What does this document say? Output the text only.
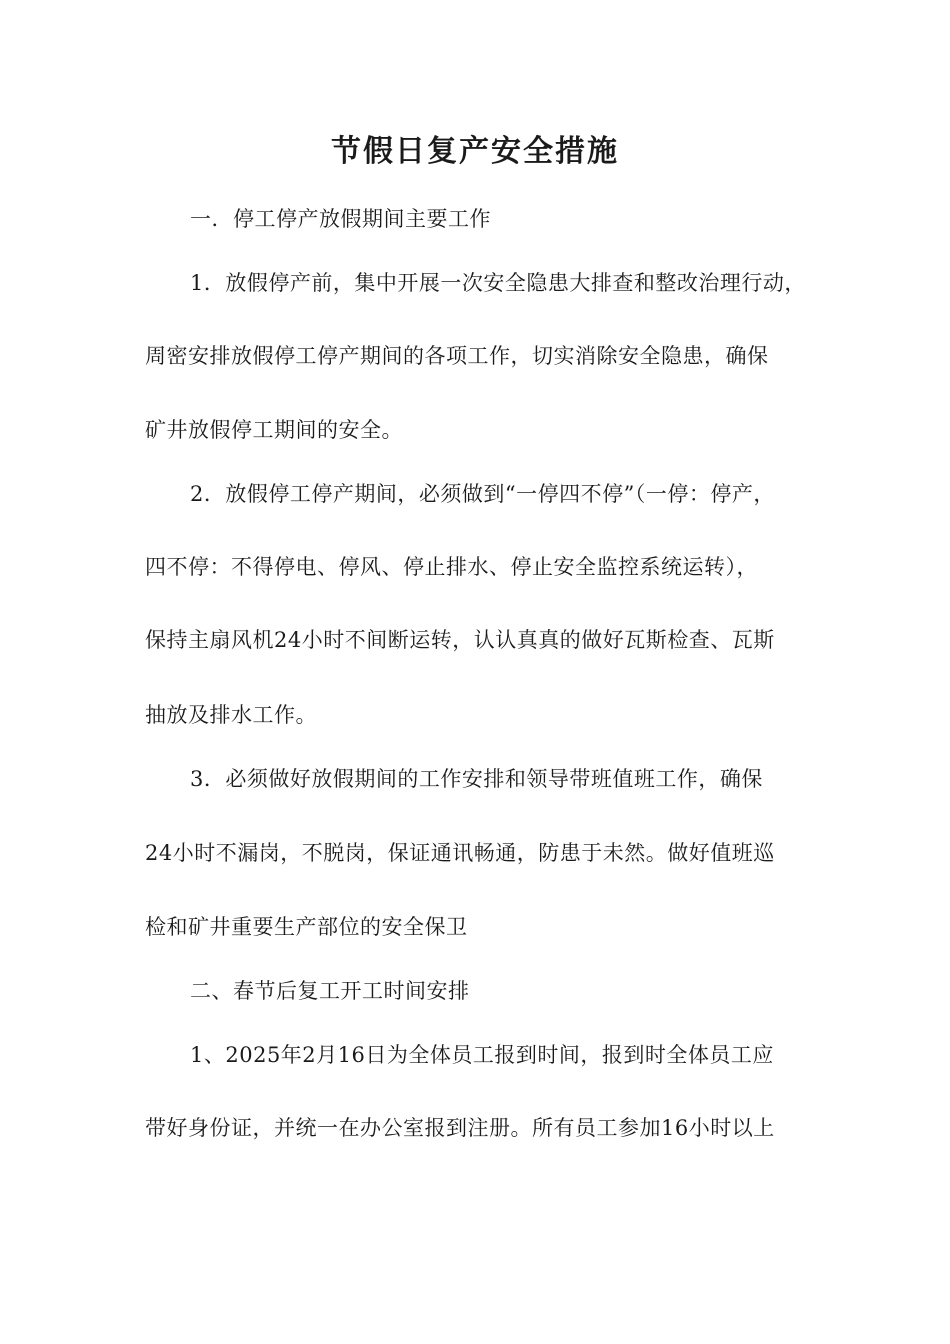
节假日复产安全措施
一．停工停产放假期间主要工作
1．放假停产前，集中开展一次安全隐患大排查和整改治理行动，
周密安排放假停工停产期间的各项工作，切实消除安全隐患，确保
矿井放假停工期间的安全。
2．放假停工停产期间，必须做到“一停四不停”（一停：停产，
四不停：不得停电、停风、停止排水、停止安全监控系统运转），
保持主扇风机24小时不间断运转，认认真真的做好瓦斯检查、瓦斯
抽放及排水工作。
3．必须做好放假期间的工作安排和领导带班值班工作，确保
24小时不漏岗，不脱岗，保证通讯畅通，防患于未然。做好值班巡
检和矿井重要生产部位的安全保卫
二、春节后复工开工时间安排
1、2025年2月16日为全体员工报到时间，报到时全体员工应
带好身份证，并统一在办公室报到注册。所有员工参加16小时以上
